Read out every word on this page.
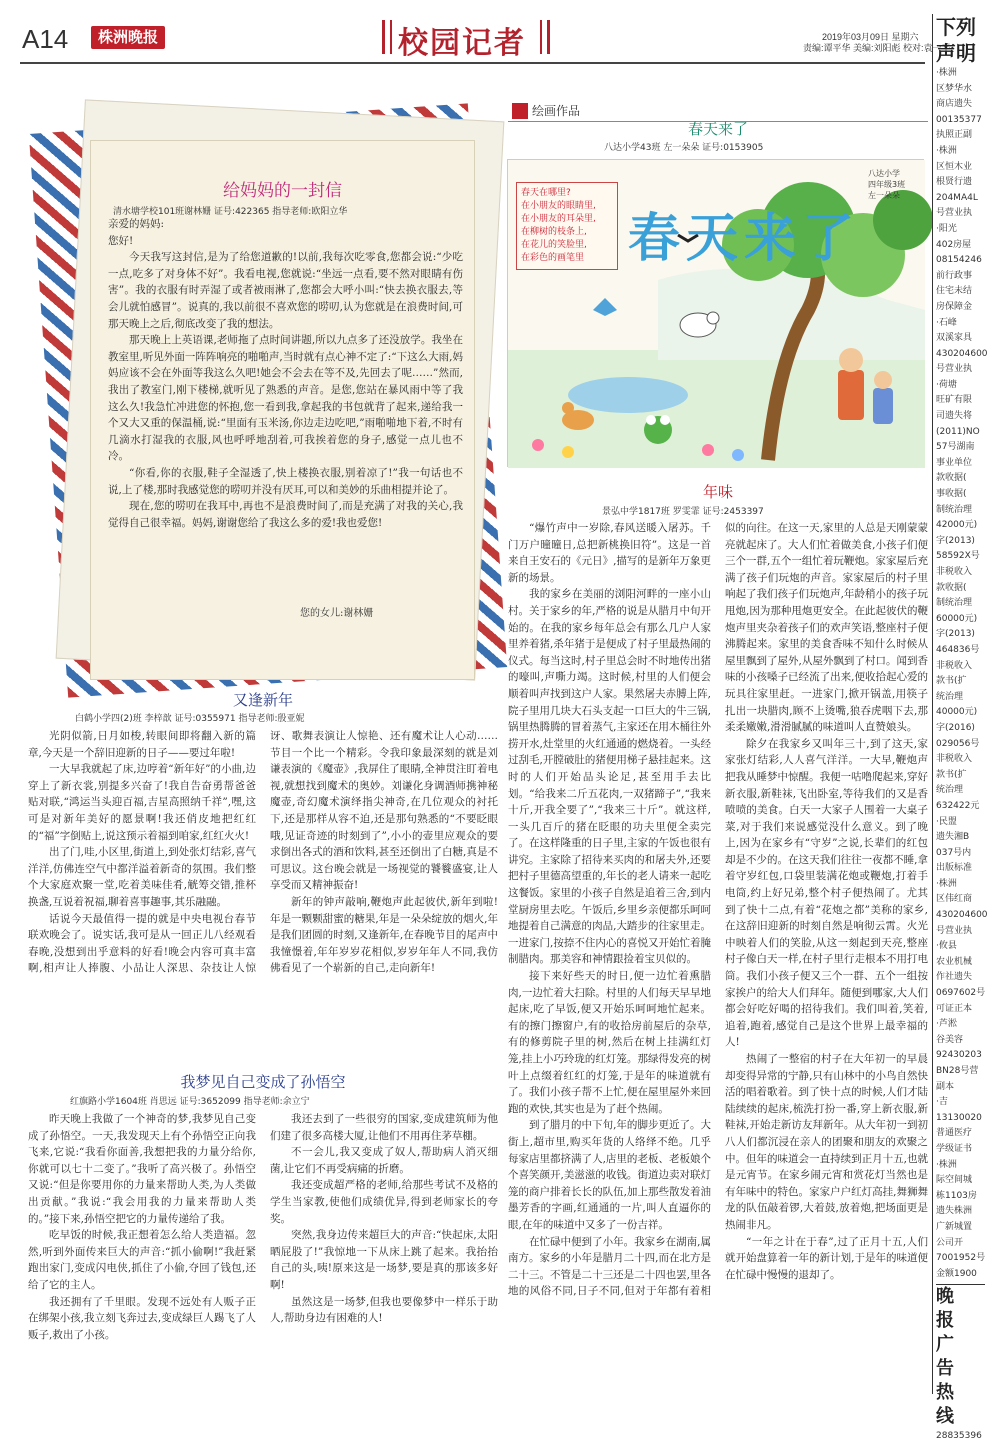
A14	株洲晚报	校园记者	2019年03月09日 星期六
责编:谭平华 美编:刘阳彪 校对:袁一平
给妈妈的一封信
清水塘学校101班谢林姗 证号:422365 指导老师:欧阳立华

亲爱的妈妈:

您好!

今天我写这封信,是为了给您道歉的!以前,我每次吃零食,您都会说:“少吃一点,吃多了对身体不好”。我看电视,您就说:“坐远一点看,要不然对眼睛有伤害”。我的衣服有时弄湿了或者被雨淋了,您都会大呼小叫:“快去换衣服去,等会儿就怕感冒”。说真的,我以前很不喜欢您的唠叨,认为您就是在浪费时间,可那天晚上之后,彻底改变了我的想法。

那天晚上上英语课,老师拖了点时间讲题,所以九点多了还没放学。我坐在教室里,听见外面一阵阵响亮的啪啪声,当时就有点心神不定了:“下这么大雨,妈妈应该不会在外面等我这么久吧!她会不会去在等不及,先回去了呢……”然而,我出了教室门,刚下楼梯,就听见了熟悉的声音。是您,您站在暴风雨中等了我这么久!我急忙冲进您的怀抱,您一看到我,拿起我的书包就背了起来,递给我一个又大又重的保温桶,说:“里面有玉米汤,你边走边吃吧,”雨啪啪地下着,不时有几滴水打湿我的衣服,风也呼呼地刮着,可我挨着您的身子,感觉一点儿也不冷。

“你看,你的衣服,鞋子全湿透了,快上楼换衣服,别着凉了!”我一句话也不说,上了楼,那时我感觉您的唠叨并没有厌耳,可以和美妙的乐曲相提并论了。

现在,您的唠叨在我耳中,再也不是浪费时间了,而是充满了对我的关心,我觉得自己很幸福。妈妈,谢谢您给了我这么多的爱!我也爱您!

您的女儿:谢林姗
又逢新年
白鹤小学四(2)班 李梓歆 证号:0355971 指导老师:殷亚妮

光阴似箭,日月如梭,转眼间即将翻入新的篇章,今天是一个辞旧迎新的日子——要过年啦!

一大早我就起了床,边哼着“新年好”的小曲,边穿上了新衣裳,别提多兴奋了!我自告奋勇帮爸爸贴对联,“鸿运当头迎百福,吉星高照纳千祥”,嘿,这可是对新年美好的愿景啊!我还俏皮地把红红的“福”字倒贴上,说这预示着福到咱家,红红火火!

出了门,哇,小区里,街道上,到处张灯结彩,喜气洋洋,仿佛连空气中都洋溢着新奇的氛围。我们整个大家庭欢聚一堂,吃着美味佳肴,觥筹交错,推杯换盏,互说着祝福,聊着喜事趣事,其乐融融。

话说今天最值得一提的就是中央电视台春节联欢晚会了。说实话,我可是从一回正儿八经观看春晚,没想到出乎意料的好看!晚会内容可真丰富啊,相声让人捧腹、小品让人深思、杂技让人惊讶、歌舞表演让人惊艳、还有魔术让人心动……节目一个比一个精彩。令我印象最深刻的就是刘谦表演的《魔壶》,我屏住了眼睛,全神贯注盯着电视,就想找到魔术的奥妙。刘谦化身调酒师携神秘魔壶,奇幻魔术演绎指尖神奇,在几位观众的衬托下,还是那样从容不迫,还是那句熟悉的“不要眨眼哦,见证奇迹的时刻到了”,小小的壶里应观众的要求倒出各式的酒和饮料,甚至还倒出了白糖,真是不可思议。这台晚会就是一场视觉的饕餮盛宴,让人享受而又精神振奋!

新年的钟声敲响,鞭炮声此起彼伏,新年到啦!年是一颗颗甜蜜的糖果,年是一朵朵绽放的烟火,年是我们团圆的时刻,又逢新年,在春晚节目的尾声中我憧憬着,年年岁岁花相似,岁岁年年人不同,我仿佛看见了一个崭新的自己,走向新年!

我梦见自己变成了孙悟空
红旗路小学1604班 肖思远 证号:3652099 指导老师:余立宁

昨天晚上我做了一个神奇的梦,我梦见自己变成了孙悟空。一天,我发现天上有个孙悟空正向我飞来,它说:“我看你面善,我想把我的力量分给你,你就可以七十二变了。”我听了高兴极了。孙悟空又说:“但是你要用你的力量来帮助人类,为人类做出贡献。”我说:“我会用我的力量来帮助人类的。”接下来,孙悟空把它的力量传递给了我。

吃早饭的时候,我正想着怎么给人类造福。忽然,听到外面传来巨大的声音:“抓小偷啊!”我赶紧跑出家门,变成闪电侠,抓住了小偷,夺回了钱包,还给了它的主人。

我还拥有了千里眼。发现不远处有人贩子正在绑架小孩,我立刻飞奔过去,变成绿巨人踢飞了人贩子,救出了小孩。

我还去到了一些很穷的国家,变成建筑师为他们建了很多高楼大厦,让他们不用再住茅草棚。

不一会儿,我又变成了奴人,帮助病人消灭细菌,让它们不再受病痛的折磨。

我还变成超严格的老师,给那些考试不及格的学生当家教,使他们成绩优异,得到老师家长的夸奖。

突然,我身边传来超巨大的声音:“快起床,太阳晒屁股了!”我惊地一下从床上跳了起来。我抬抬自己的头,咦!原来这是一场梦,要是真的那该多好啊!

虽然这是一场梦,但我也要像梦中一样乐于助人,帮助身边有困难的人!

绘画作品
春天来了
八达小学43班 左一朵朵 证号:0153905
春天来了
春天在哪里?
在小朋友的眼睛里,
在小朋友的耳朵里,
在柳树的枝条上,
在花儿的笑脸里,
在彩色的画笔里
八达小学
四年级3班
左一朵朵
年味
景弘中学1817班 罗雯霏 证号:2453397

“爆竹声中一岁除,春风送暖入屠苏。千门万户曈曈日,总把新桃换旧符”。这是一首来自王安石的《元日》,描写的是新年万象更新的场景。

我的家乡在美丽的浏阳河畔的一座小山村。关于家乡的年,严格的说是从腊月中旬开始的。在我的家乡每年总会有那么几户人家里养着猪,杀年猪于是便成了村子里最热闹的仪式。每当这时,村子里总会时不时地传出猪的嚎叫,声嘶力竭。这时候,村里的人们便会顺着叫声找到这户人家。果然屠夫赤膊上阵,院子里用几块大石头支起一口巨大的牛三锅,锅里热腾腾的冒着蒸气,主家还在用木桶往外捞开水,灶堂里的火红通通的燃烧着。一头经过刮毛,开膛破肚的猪便用梯子悬挂起来。这时的人们开始品头论足,甚至用手去比划。“给我来二斤五花肉,一双猪蹄子”,“我来十斤,开我全要了”,“我来三十斤”。就这样,一头几百斤的猪在眨眼的功夫里便全卖完了。在这样隆重的日子里,主家的午饭也很有讲究。主家除了招待来买肉的和屠夫外,还要把村子里德高望重的,年长的老人请来一起吃这餐饭。家里的小孩子自然是追着三舍,到内堂厨房里去吃。午饭后,乡里乡亲便都乐呵呵地提着自己满意的肉品,大踏步的往家里走。一进家门,按捺不住内心的喜悦又开始忙着腌制腊肉。那美容和神情跟捡着宝贝似的。

接下来好些天的时日,便一边忙着熏腊肉,一边忙着大扫除。村里的人们每天早早地起床,吃了早饭,便又开始乐呵呵地忙起来。有的擦门擦窗户,有的收拾房前屋后的杂草,有的修剪院子里的树,然后在树上挂满红灯笼,挂上小巧玲珑的红灯笼。那绿得发亮的树叶上点缀着红红的灯笼,于是年的味道就有了。我们小孩子帮不上忙,便在屋里屋外来回跑的欢快,其实也是为了赶个热闹。

到了腊月的中下旬,年的脚步更近了。大街上,超市里,购买年货的人络绎不绝。几乎每家店里都挤满了人,店里的老板、老板娘个个喜笑颜开,美滋滋的收钱。街道边卖对联灯笼的商户排着长长的队伍,加上那些散发着油墨芳香的字画,红通通的一片,叫人直逼你的眼,在年的味道中又多了一份吉祥。

在忙碌中便到了小年。我家乡在湖南,属南方。家乡的小年是腊月二十四,而在北方是二十三。不管是二十三还是二十四也罢,里各地的风俗不同,日子不同,但对于年都有着相似的向往。在这一天,家里的人总是天刚蒙蒙亮就起床了。大人们忙着做美食,小孩子们便三个一群,五个一组忙着玩鞭炮。家家屋后充满了孩子们玩炮的声音。家家屋后的村子里响起了我们孩子们玩炮声,年龄稍小的孩子玩甩炮,因为那种甩炮更安全。在此起彼伏的鞭炮声里夹杂着孩子们的欢声笑语,整座村子便沸腾起来。家里的美食香味不知什么时候从屋里飘到了屋外,从屋外飘到了村口。闻到香味的小孩嗓子已经流了出来,便收拾起心爱的玩具往家里赶。一进家门,掀开锅盖,用筷子扎出一块腊肉,顾不上烫嘴,狼吞虎咽下去,那柔柔嫩嫩,滑滑腻腻的味道叫人直赞娘头。

除夕在我家乡又叫年三十,到了这天,家家张灯结彩,人人喜气洋洋。一大早,鞭炮声把我从睡梦中惊醒。我便一咕噜爬起来,穿好新衣服,新鞋袜,飞出卧室,等待我们的又是香喷喷的美食。白天一大家子人围着一大桌子菜,对于我们来说感觉没什么意义。到了晚上,因为在家乡有“守岁”之说,长辈们的红包却是不少的。在这天我们往往一夜都不睡,拿着守岁红包,口袋里装满花炮或鞭炮,打着手电筒,约上好兄弟,整个村子便热闹了。尤其到了快十二点,有着“花炮之都”美称的家乡,在这辞旧迎新的时刻自然是响彻云霄。火光中映着人们的笑脸,从这一刻起到天亮,整座村子像白天一样,在村子里行走根本不用打电筒。我们小孩子便又三个一群、五个一组按家挨户的给大人们拜年。随便到哪家,大人们都会好吃好喝的招待我们。我们叫着,笑着,追着,跑着,感觉自己是这个世界上最幸福的人!

热闹了一整宿的村子在大年初一的早晨却变得异常的宁静,只有山林中的小鸟自然快活的唱着歌着。到了快十点的时候,人们才陆陆续续的起床,梳洗打扮一番,穿上新衣服,新鞋袜,开始走新访友拜新年。从大年初一到初八人们都沉浸在亲人的团聚和朋友的欢聚之中。但年的味道会一直持续到正月十五,也就是元宵节。在家乡闹元宵和赏花灯当然也是有年味中的特色。家家户户红灯高挂,舞狮舞龙的队伍敲着锣,大着鼓,放着炮,把场面更是热闹非凡。

“一年之计在于春”,过了正月十五,人们就开始盘算着一年的新计划,于是年的味道便在忙碌中慢慢的退却了。

下列
声明
·株洲
区梦华水
商店遗失
00135377
执照正副
·株洲
区恒木业
根贤行遗
204MA4L
号营业执
·阳光
402房屋
08154246
前行政事
住宅未结
房保障金
·石峰
双溪家具
430204600
号营业执
·荷塘
旺矿有限
司遗失将
(2011)NO
57号湖南
事业单位
款收据(
事收据(
制统治理
42000元)
字(2013)
58592X号
非税收入
款收据(
制统治理
60000元)
字(2013)
464836号
非税收入
款书(扩
统治理
40000元)
字(2016)
029056号
非税收入
款书(扩
统治理
632422元
·民盟
遗失湘B
037号内
出版标准
·株洲
区伟红商
430204600
号营业执
·攸县
农业机械
作社遗失
0697602号
可证正本
·芦淞
谷美容
92430203
BN28号营
副本
·吉
13130020
普通医疗
学级证书
·株洲
际空间城
栋1103房
遗失株洲
广新城置
公司开
7001952号
金额1900
晚
报
广
告
热
线
28835396
